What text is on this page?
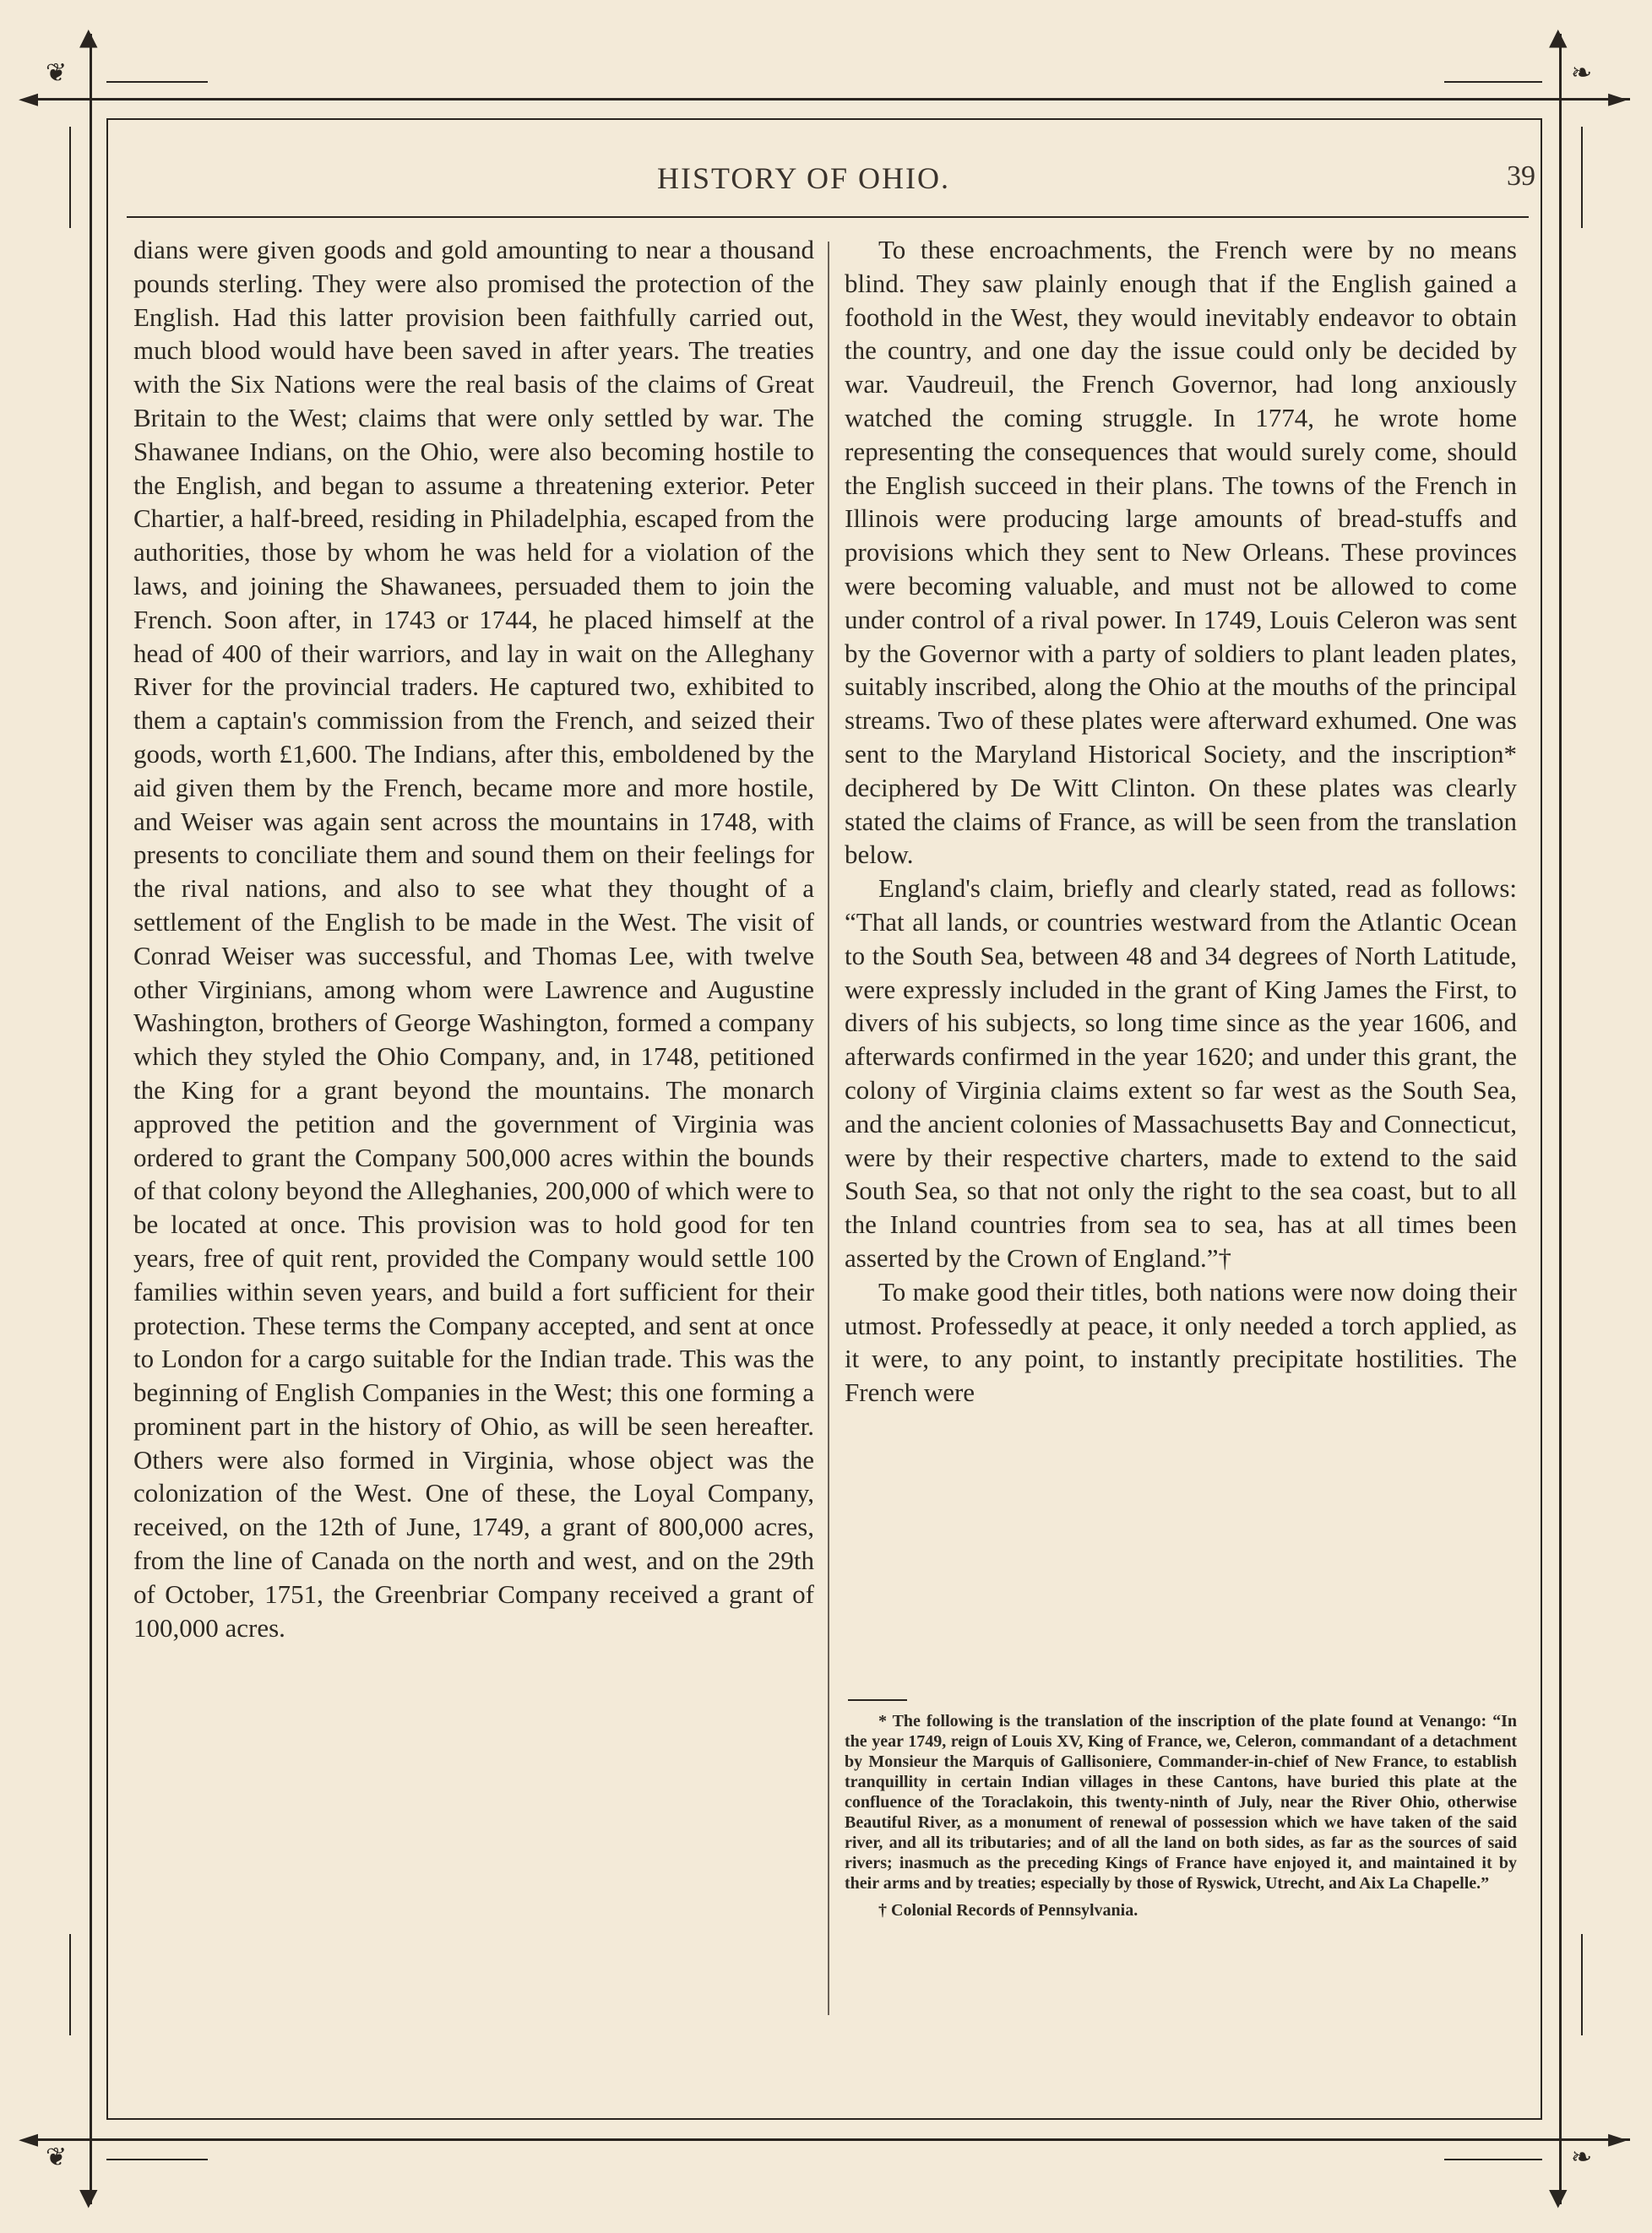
►
◄
►
◄
▲	▲
▼	▼
❦	❧
❦	❧
HISTORY OF OHIO.	39

dians were given goods and gold amounting to near a thousand pounds sterling. They were also promised the protection of the English. Had this latter provision been faithfully carried out, much blood would have been saved in after years. The treaties with the Six Nations were the real basis of the claims of Great Britain to the West; claims that were only settled by war. The Shawanee Indians, on the Ohio, were also becoming hostile to the English, and began to assume a threatening exterior. Peter Chartier, a half-breed, residing in Philadelphia, escaped from the authorities, those by whom he was held for a violation of the laws, and joining the Shawanees, persuaded them to join the French. Soon after, in 1743 or 1744, he placed himself at the head of 400 of their warriors, and lay in wait on the Alleghany River for the provincial traders. He captured two, exhibited to them a captain's commission from the French, and seized their goods, worth £1,600. The Indians, after this, emboldened by the aid given them by the French, became more and more hostile, and Weiser was again sent across the mountains in 1748, with presents to conciliate them and sound them on their feelings for the rival nations, and also to see what they thought of a settlement of the English to be made in the West. The visit of Conrad Weiser was successful, and Thomas Lee, with twelve other Virginians, among whom were Lawrence and Augustine Washington, brothers of George Washington, formed a company which they styled the Ohio Company, and, in 1748, petitioned the King for a grant beyond the mountains. The monarch approved the petition and the government of Virginia was ordered to grant the Company 500,000 acres within the bounds of that colony beyond the Alleghanies, 200,000 of which were to be located at once. This provision was to hold good for ten years, free of quit rent, provided the Company would settle 100 families within seven years, and build a fort sufficient for their protection. These terms the Company accepted, and sent at once to London for a cargo suitable for the Indian trade. This was the beginning of English Companies in the West; this one forming a prominent part in the history of Ohio, as will be seen hereafter. Others were also formed in Virginia, whose object was the colonization of the West. One of these, the Loyal Company, received, on the 12th of June, 1749, a grant of 800,000 acres, from the line of Canada on the north and west, and on the 29th of October, 1751, the Greenbriar Company received a grant of 100,000 acres.

To these encroachments, the French were by no means blind. They saw plainly enough that if the English gained a foothold in the West, they would inevitably endeavor to obtain the country, and one day the issue could only be decided by war. Vaudreuil, the French Governor, had long anxiously watched the coming struggle. In 1774, he wrote home representing the consequences that would surely come, should the English succeed in their plans. The towns of the French in Illinois were producing large amounts of bread-stuffs and provisions which they sent to New Orleans. These provinces were becoming valuable, and must not be allowed to come under control of a rival power. In 1749, Louis Celeron was sent by the Governor with a party of soldiers to plant leaden plates, suitably inscribed, along the Ohio at the mouths of the principal streams. Two of these plates were afterward exhumed. One was sent to the Maryland Historical Society, and the inscription* deciphered by De Witt Clinton. On these plates was clearly stated the claims of France, as will be seen from the translation below.

England's claim, briefly and clearly stated, read as follows: “That all lands, or countries westward from the Atlantic Ocean to the South Sea, between 48 and 34 degrees of North Latitude, were expressly included in the grant of King James the First, to divers of his subjects, so long time since as the year 1606, and afterwards confirmed in the year 1620; and under this grant, the colony of Virginia claims extent so far west as the South Sea, and the ancient colonies of Massachusetts Bay and Connecticut, were by their respective charters, made to extend to the said South Sea, so that not only the right to the sea coast, but to all the Inland countries from sea to sea, has at all times been asserted by the Crown of England.”†

To make good their titles, both nations were now doing their utmost. Professedly at peace, it only needed a torch applied, as it were, to any point, to instantly precipitate hostilities. The French were

* The following is the translation of the inscription of the plate found at Venango: “In the year 1749, reign of Louis XV, King of France, we, Celeron, commandant of a detachment by Monsieur the Marquis of Gallisoniere, Commander-in-chief of New France, to establish tranquillity in certain Indian villages in these Cantons, have buried this plate at the confluence of the Toraclakoin, this twenty-ninth of July, near the River Ohio, otherwise Beautiful River, as a monument of renewal of possession which we have taken of the said river, and all its tributaries; and of all the land on both sides, as far as the sources of said rivers; inasmuch as the preceding Kings of France have enjoyed it, and maintained it by their arms and by treaties; especially by those of Ryswick, Utrecht, and Aix La Chapelle.”

† Colonial Records of Pennsylvania.
